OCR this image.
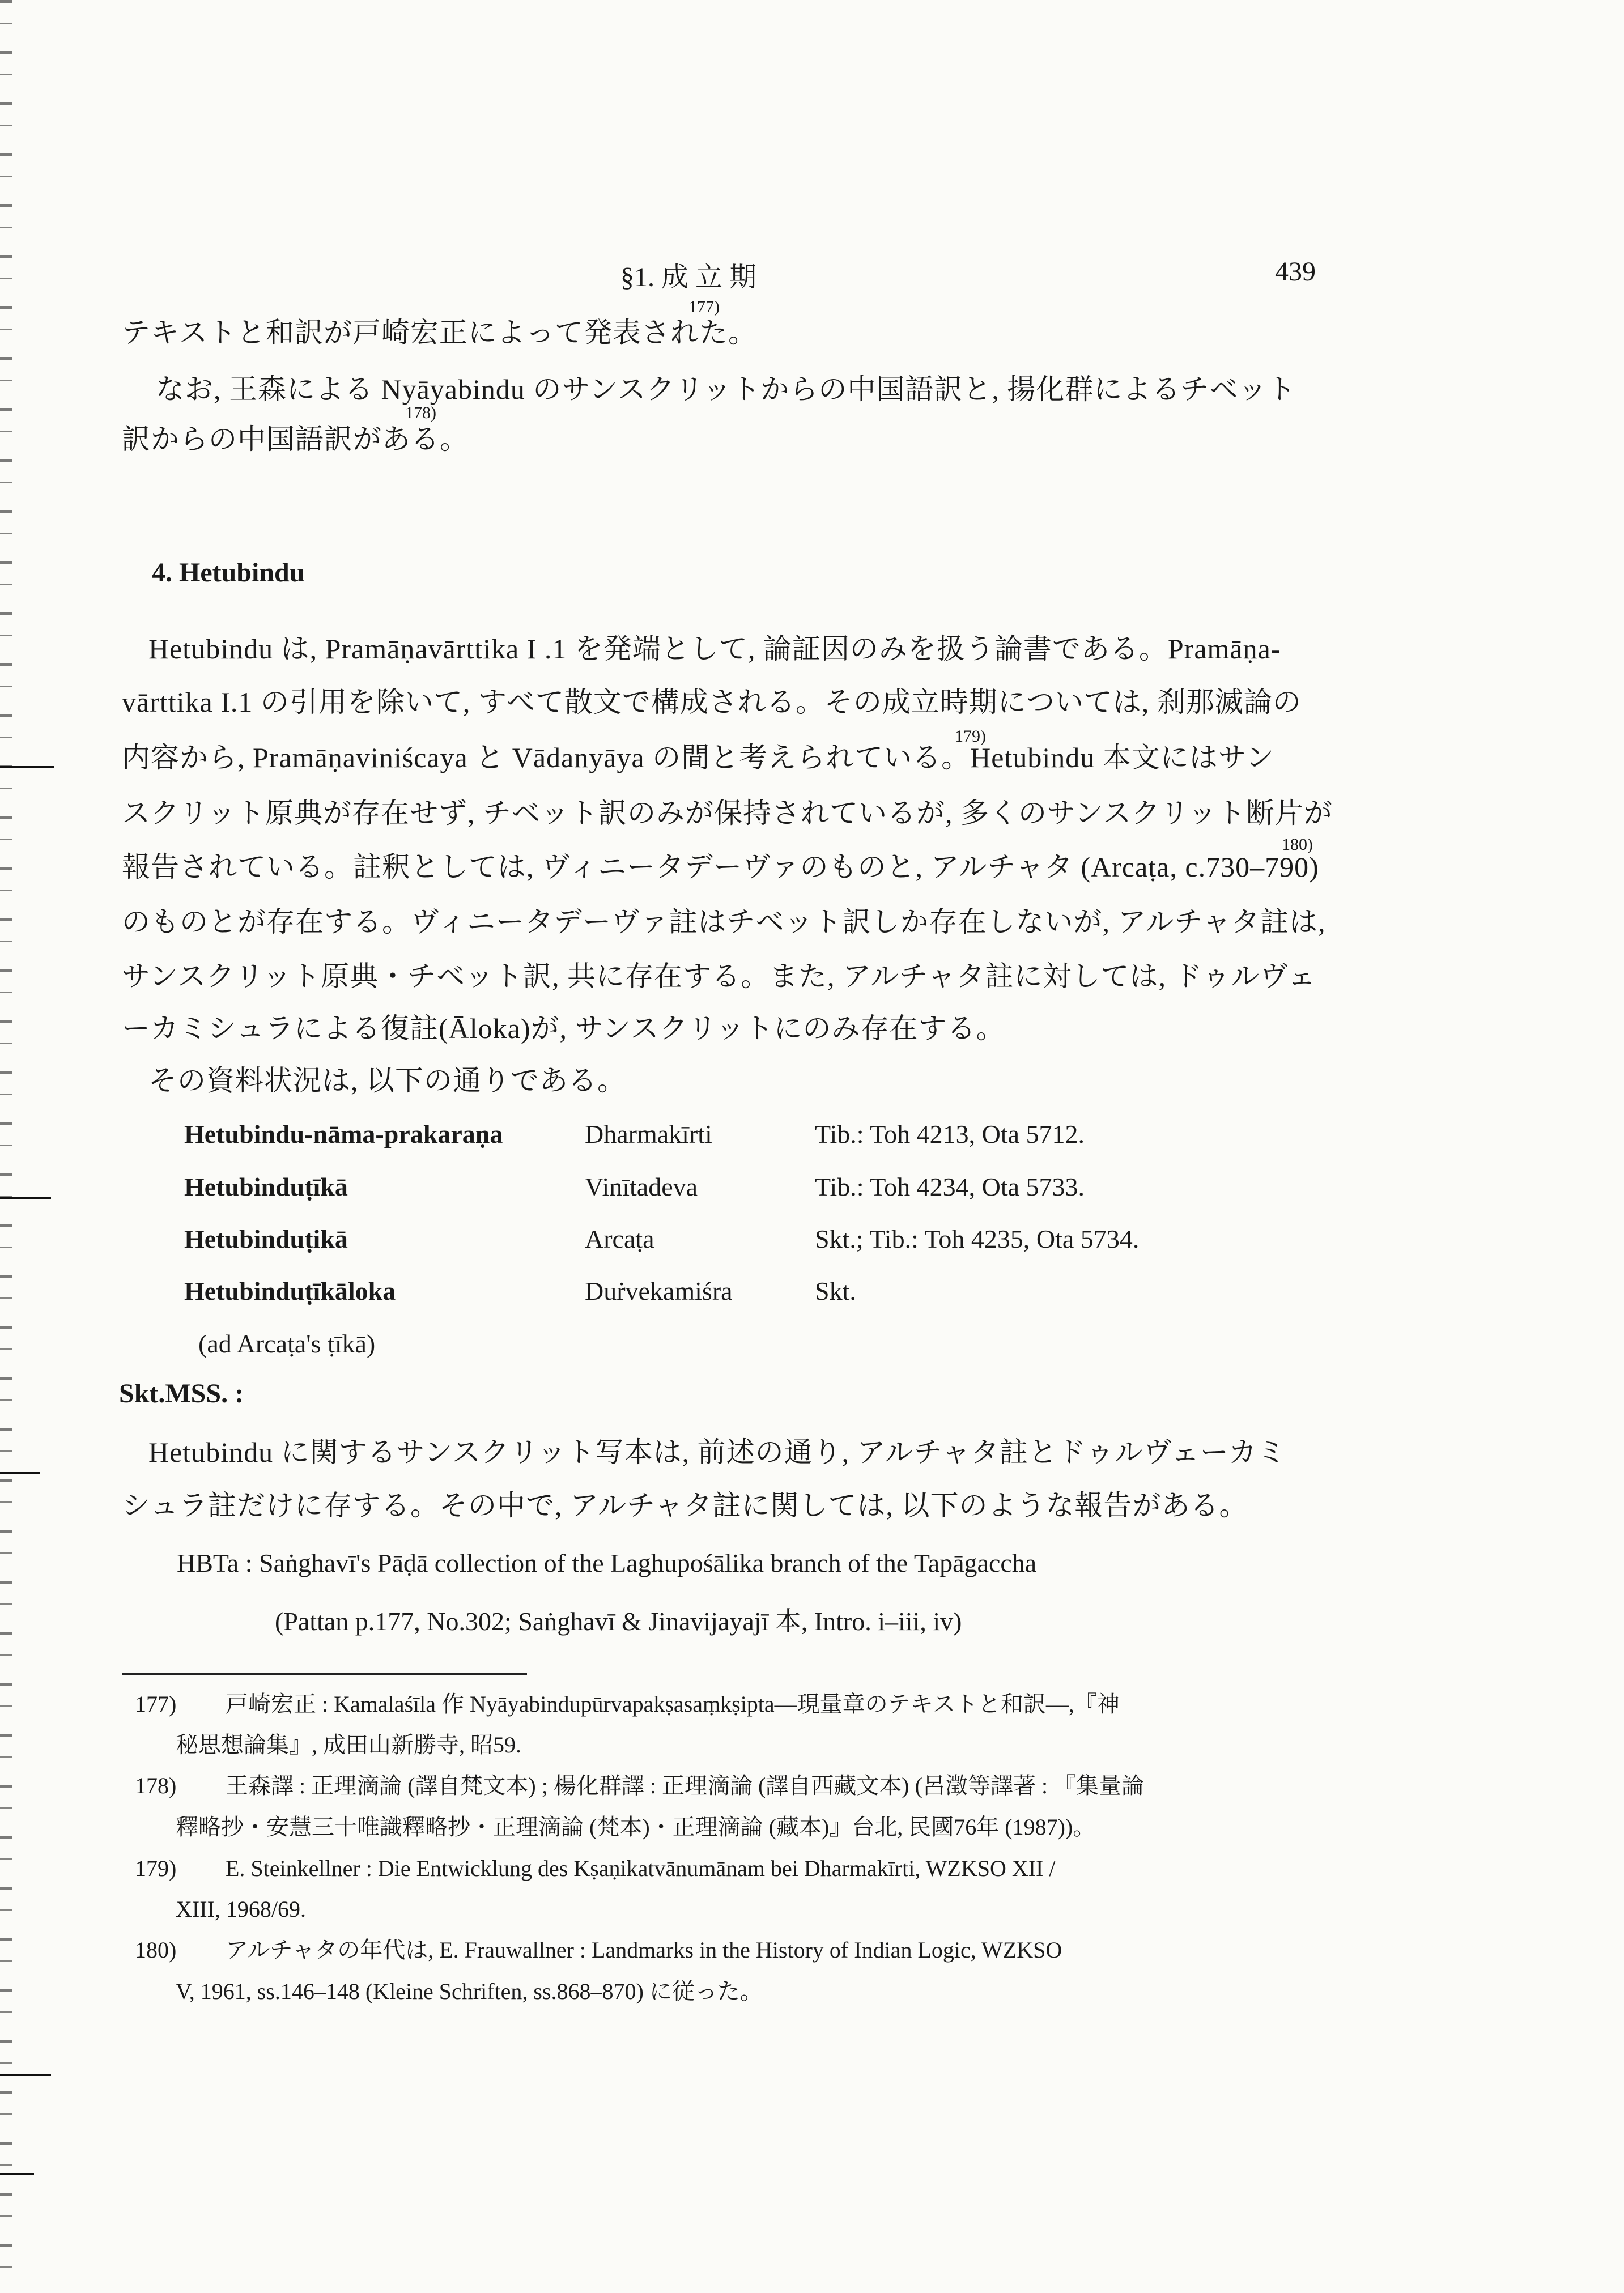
§1. 成 立 期	439
テキストと和訳が戸崎宏正によって発表された。
177)
なお, 王森による Nyāyabindu のサンスクリットからの中国語訳と, 揚化群によるチベット
訳からの中国語訳がある。
178)
4. Hetubindu
Hetubindu は, Pramāṇavārttika I .1 を発端として, 論証因のみを扱う論書である。Pramāṇa-
vārttika I.1 の引用を除いて, すべて散文で構成される。その成立時期については, 刹那滅論の
内容から, Pramāṇaviniścaya と Vādanyāya の間と考えられている。Hetubindu 本文にはサン
179)
スクリット原典が存在せず, チベット訳のみが保持されているが, 多くのサンスクリット断片が
報告されている。註釈としては, ヴィニータデーヴァのものと, アルチャタ (Arcaṭa, c.730–790)
180)
のものとが存在する。ヴィニータデーヴァ註はチベット訳しか存在しないが, アルチャタ註は,
サンスクリット原典・チベット訳, 共に存在する。また, アルチャタ註に対しては, ドゥルヴェ
ーカミシュラによる復註(Āloka)が, サンスクリットにのみ存在する。
その資料状況は, 以下の通りである。
Hetubindu-nāma-prakaraṇa	Dharmakīrti	Tib.: Toh 4213, Ota 5712.
Hetubinduṭīkā	Vinītadeva	Tib.: Toh 4234, Ota 5733.
Hetubinduṭikā	Arcaṭa	Skt.; Tib.: Toh 4235, Ota 5734.
Hetubinduṭīkāloka	Duṙvekamiśra	Skt.
(ad Arcaṭa's ṭīkā)
Skt.MSS. :
Hetubindu に関するサンスクリット写本は, 前述の通り, アルチャタ註とドゥルヴェーカミ
シュラ註だけに存する。その中で, アルチャタ註に関しては, 以下のような報告がある。
HBTa : Saṅghavī's Pāḍā collection of the Laghupośālika branch of the Tapāgaccha
(Pattan p.177, No.302; Saṅghavī & Jinavijayajī 本, Intro. i–iii, iv)
177) 戸崎宏正 : Kamalaśīla 作 Nyāyabindupūrvapakṣasaṃkṣipta—現量章のテキストと和訳—,『神
秘思想論集』, 成田山新勝寺, 昭59.
178) 王森譯 : 正理滴論 (譯自梵文本) ; 楊化群譯 : 正理滴論 (譯自西藏文本) (呂澂等譯著 : 『集量論
釋略抄・安慧三十唯識釋略抄・正理滴論 (梵本)・正理滴論 (藏本)』台北, 民國76年 (1987))。
179) E. Steinkellner : Die Entwicklung des Kṣaṇikatvānumānam bei Dharmakīrti, WZKSO XII /
XIII, 1968/69.
180) アルチャタの年代は, E. Frauwallner : Landmarks in the History of Indian Logic, WZKSO
V, 1961, ss.146–148 (Kleine Schriften, ss.868–870) に従った。
